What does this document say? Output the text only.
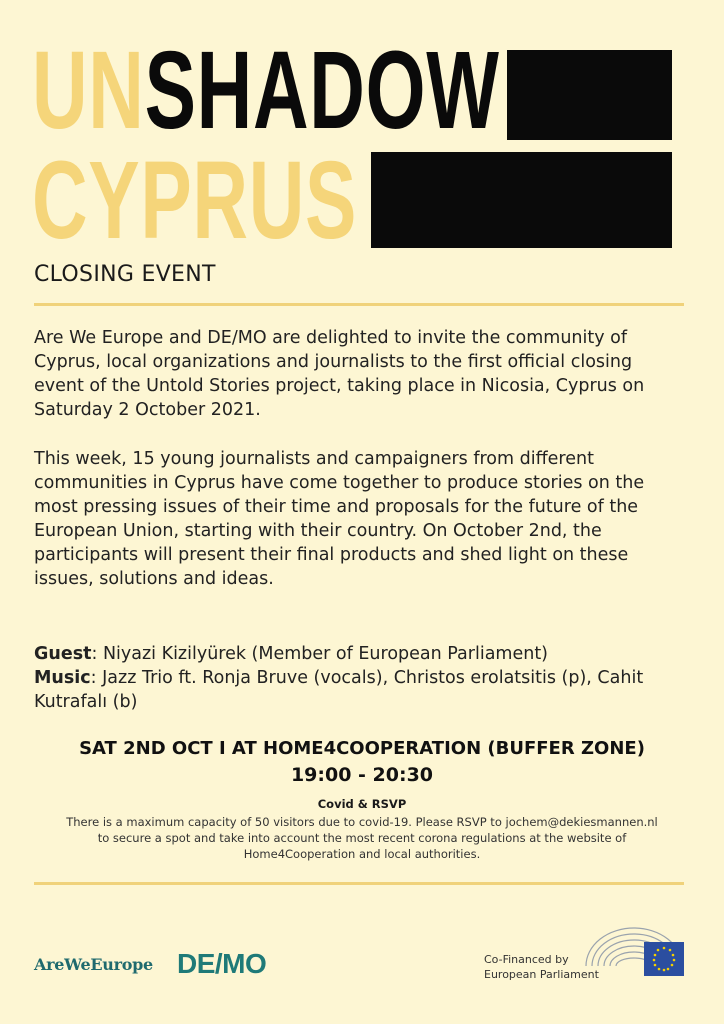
UNSHADOW
CYPRUS
CLOSING EVENT
Are We Europe and DE/MO are delighted to invite the community of Cyprus, local organizations and journalists to the first official closing event of the Untold Stories project, taking place in Nicosia, Cyprus on Saturday 2 October 2021.
This week, 15 young journalists and campaigners from different communities in Cyprus have come together to produce stories on the most pressing issues of their time and proposals for the future of the European Union, starting with their country. On October 2nd, the participants will present their final products and shed light on these issues, solutions and ideas.
Guest: Niyazi Kizilyürek (Member of European Parliament)
Music: Jazz Trio ft. Ronja Bruve (vocals), Christos erolatsitis (p), Cahit Kutrafalı (b)
SAT 2ND OCT I AT HOME4COOPERATION (BUFFER ZONE)
19:00 - 20:30
Covid & RSVP
There is a maximum capacity of 50 visitors due to covid-19. Please RSVP to jochem@dekiesmannen.nl to secure a spot and take into account the most recent corona regulations at the website of Home4Cooperation and local authorities.
AreWeEurope DE/MO	Co-Financed by
European Parliament
